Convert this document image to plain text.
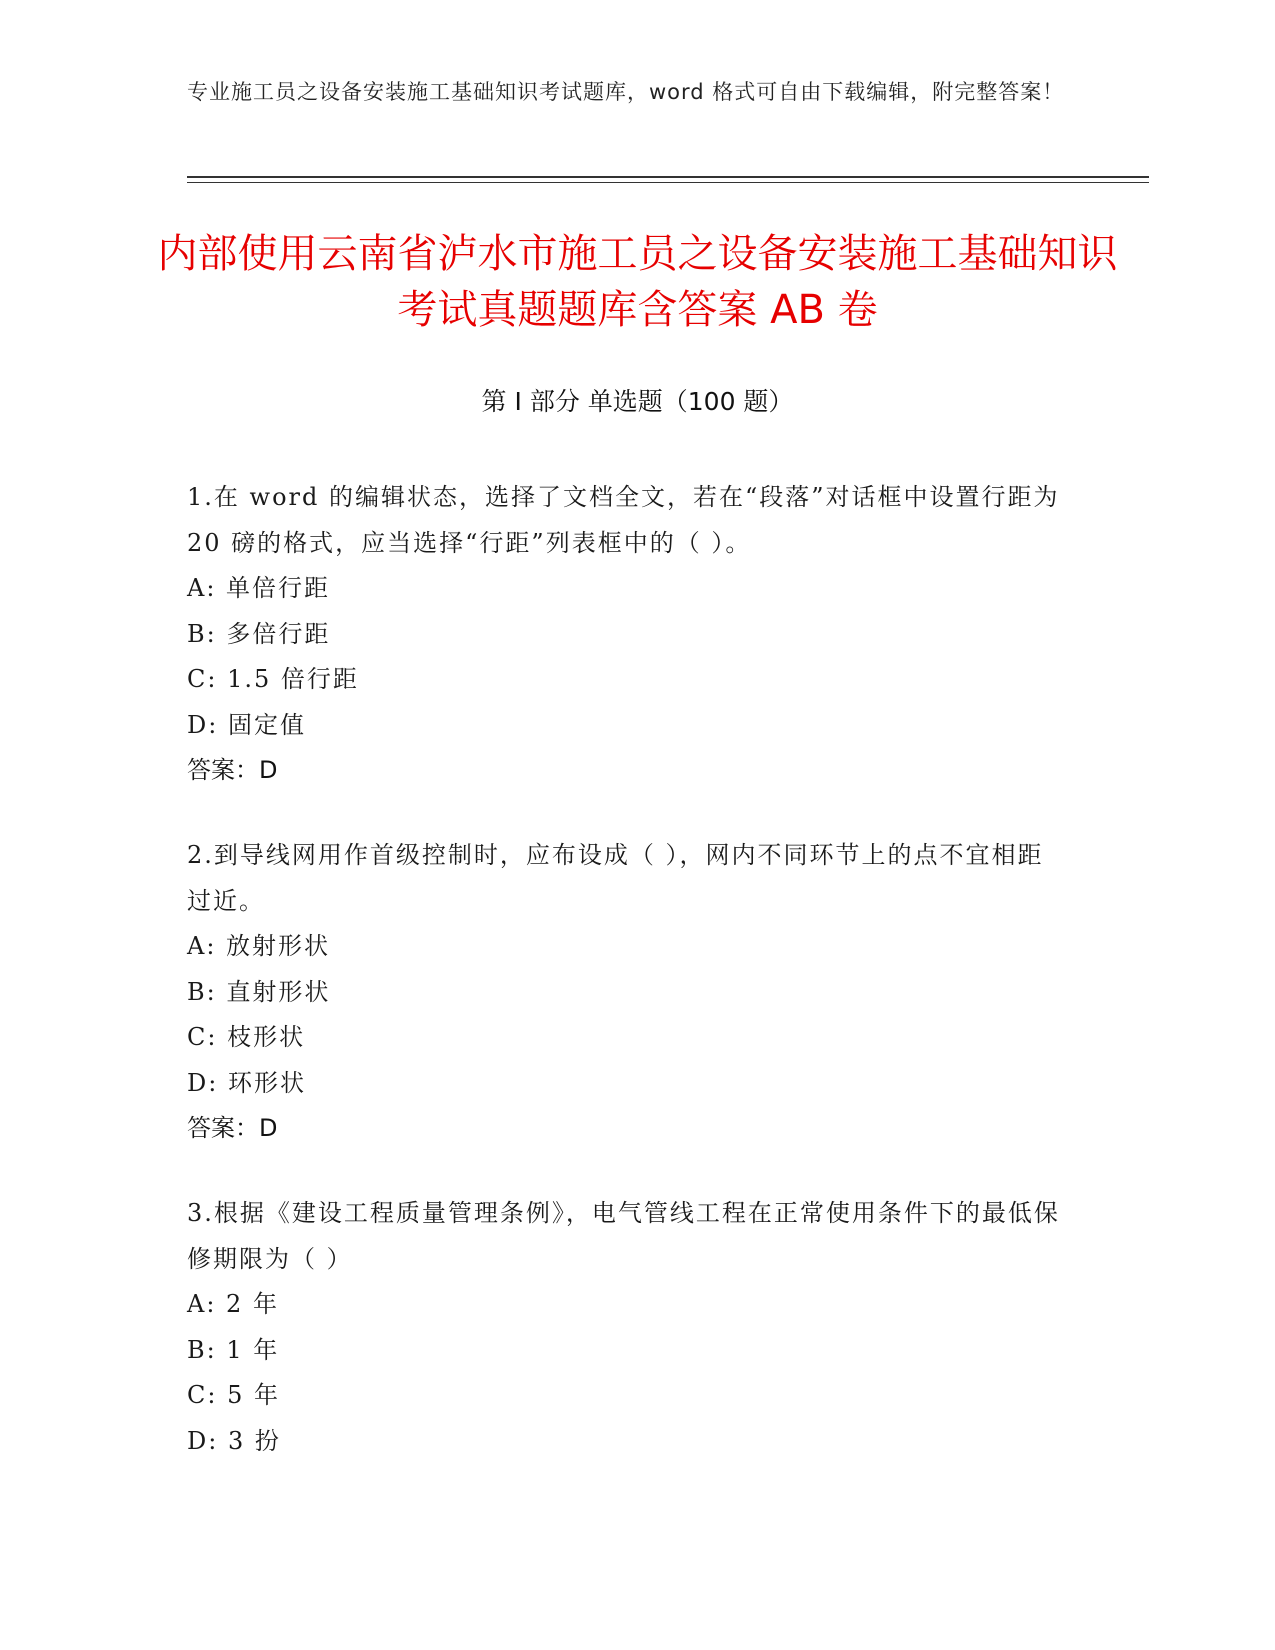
专业施工员之设备安装施工基础知识考试题库，word 格式可自由下载编辑，附完整答案！
内部使用云南省泸水市施工员之设备安装施工基础知识考试真题题库含答案 AB 卷
第 I 部分 单选题（100 题）

1.在 word 的编辑状态，选择了文档全文，若在“段落”对话框中设置行距为 20 磅的格式，应当选择“行距”列表框中的（ ）。

A: 单倍行距

B: 多倍行距

C: 1.5 倍行距

D: 固定值

答案：D

2.到导线网用作首级控制时，应布设成（ ），网内不同环节上的点不宜相距过近。

A: 放射形状

B: 直射形状

C: 枝形状

D: 环形状

答案：D

3.根据《建设工程质量管理条例》，电气管线工程在正常使用条件下的最低保修期限为（ ）

A: 2 年

B: 1 年

C: 5 年

D: 3 扮
